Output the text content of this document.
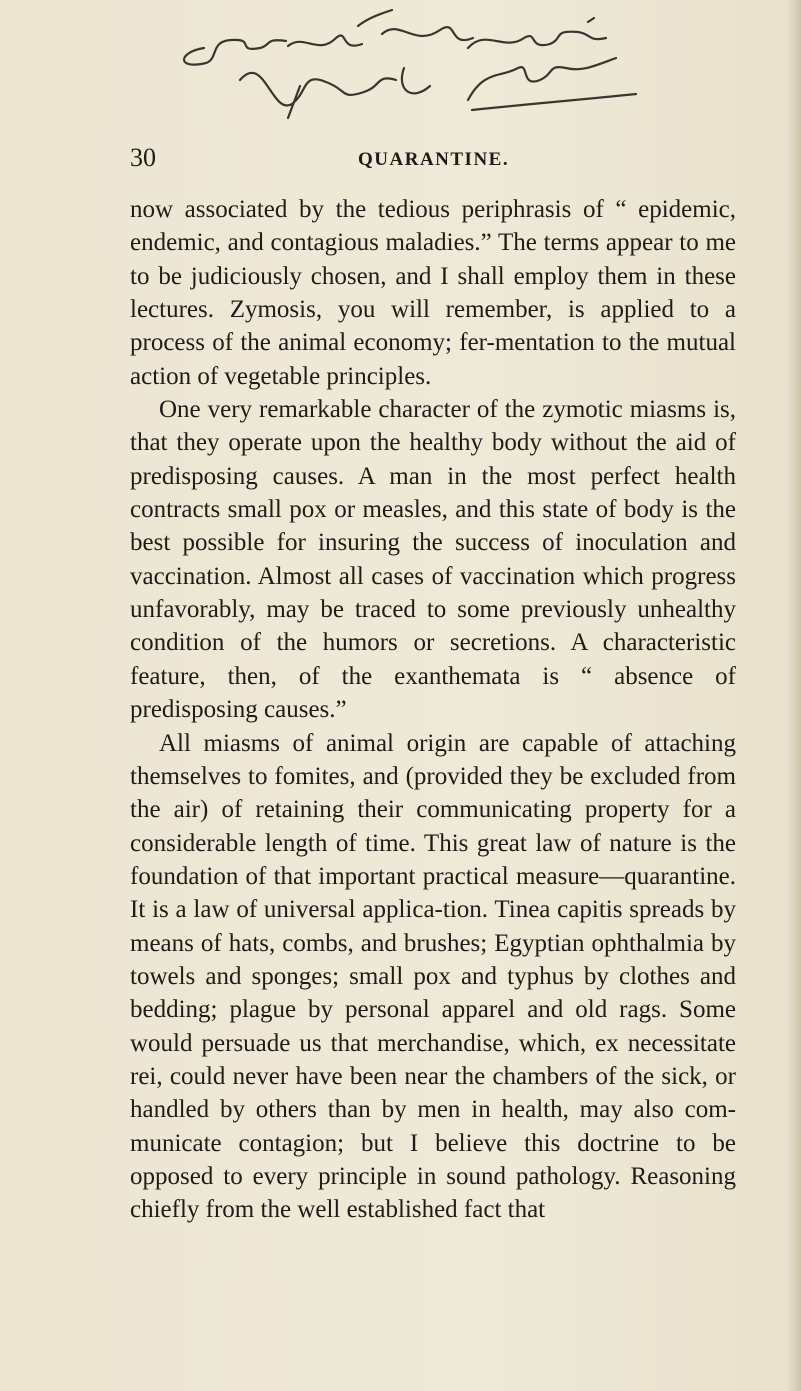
30	QUARANTINE.

now associated by the tedious periphrasis of “ epidemic, endemic, and contagious maladies.” The terms appear to me to be judiciously chosen, and I shall employ them in these lectures. Zymosis, you will remember, is applied to a process of the animal economy; fer-mentation to the mutual action of vegetable principles.

One very remarkable character of the zymotic miasms is, that they operate upon the healthy body without the aid of predisposing causes. A man in the most perfect health contracts small pox or measles, and this state of body is the best possible for insuring the success of inoculation and vaccination. Almost all cases of vaccination which progress unfavorably, may be traced to some previously unhealthy condition of the humors or secretions. A characteristic feature, then, of the exanthemata is “ absence of predisposing causes.”

All miasms of animal origin are capable of attaching themselves to fomites, and (provided they be excluded from the air) of retaining their communicating property for a considerable length of time. This great law of nature is the foundation of that important practical measure—quarantine. It is a law of universal applica-tion. Tinea capitis spreads by means of hats, combs, and brushes; Egyptian ophthalmia by towels and sponges; small pox and typhus by clothes and bedding; plague by personal apparel and old rags. Some would persuade us that merchandise, which, ex necessitate rei, could never have been near the chambers of the sick, or handled by others than by men in health, may also com-municate contagion; but I believe this doctrine to be opposed to every principle in sound pathology. Reasoning chiefly from the well established fact that
